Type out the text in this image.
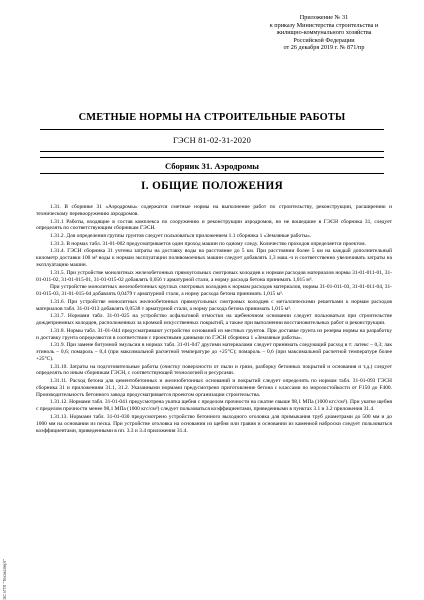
Приложение № 31
к приказу Министерства строительства и
жилищно-коммунального хозяйства
Российской Федерации
от 26 декабря 2019 г. № 871/пр
СМЕТНЫЕ НОРМЫ НА СТРОИТЕЛЬНЫЕ РАБОТЫ
ГЭСН 81-02-31-2020
Сборник 31. Аэродромы
I. ОБЩИЕ ПОЛОЖЕНИЯ

1.31. В сборнике 31 «Аэродромы» содержатся сметные нормы на выполнение работ по строительству, реконструкции, расширению и техническому перевооружению аэродромов.

1.31.1 Работы, входящие в состав комплекса по сооружению и реконструкции аэродромов, но не вошедшие в ГЭСН сборника 31, следует определять по соответствующим сборникам ГЭСН.

1.31.2. Для определения группы грунтов следует пользоваться приложением 1.1 сборника 1 «Земляные работы».

1.31.3. В нормах табл. 31-01-002 предусматривается один проход машин по одному следу. Количество проходов определяется проектом.

1.31.4. ГЭСН сборника 31 учтены затраты на доставку воды на расстояние до 5 км. При расстоянии более 5 км на каждый дополнительный километр доставки 100 м³ воды к нормам эксплуатации поливомоечных машин следует добавлять 1,3 маш.-ч и соответственно увеличивать затраты на эксплуатацию машин.

1.31.5. При устройстве монолитных железобетонных прямоугольных смотровых колодцев к нормам расходов материалов нормы 31-01-011-01, 31-01-011-02, 31-01-015-01, 31-01-015-02 добавлять 0,056 т арматурной стали, а норму расхода бетона принимать 1,015 м³.

При устройстве монолитных железобетонных круглых смотровых колодцев к нормам расходов материалов, нормы 31-01-011-03, 31-01-011-04, 31-01-015-03, 31-01-015-04 добавлять 0,0479 т арматурной стали, а норму расхода бетона принимать 1,015 м³.

1.31.6. При устройстве монолитных железобетонных прямоугольных смотровых колодцев с металлическими решетками к нормам расходов материалов табл. 31-01-013 добавлять 0,0538 т арматурной стали, а норму расхода бетона принимать 1,015 м³.

1.31.7. Нормами табл. 31-01-025 на устройство асфальтовой отмостки на щебеночном основании следует пользоваться при строительстве дождеприемных колодцев, расположенных за кромкой искусственных покрытий, а также при выполнении восстановительных работ и реконструкции.

1.31.8. Нормы табл. 31-01-044 предусматривают устройство оснований из местных грунтов. При доставке грунта из резерва нормы на разработку и доставку грунта определяются в соответствии с проектными данными по ГЭСН сборника 1 «Земляные работы».

1.31.9. При замене битумной эмульсии в нормах табл. 31-01-047 другими материалами следует принимать следующий расход в т: латекс – 0,3; лак этиноль – 0,6; помароль – 0,4 (при максимальной расчетной температуре до +25°С); помароль – 0,6 (при максимальной расчетной температуре более +25°С).

1.31.10. Затраты на подготовительные работы (очистку поверхности от пыли и грязи, разборку бетонных покрытий и основания и т.д.) следует определять по иным сборникам ГЭСН, с соответствующей технологией и ресурсами.

1.31.11. Расход бетона для цементобетонных и железобетонных оснований и покрытий следует определять по нормам табл. 31-01-093 ГЭСН сборника 31 и приложениям 31.1, 31.2. Указанными нормами предусмотрено приготовление бетона с классами по морозостойкости от F150 до F400. Производительность бетонного завода предусматривается проектом организации строительства.

1.31.12. Нормами табл. 31-01-041 предусмотрена укатка щебня с пределом прочности на сжатие свыше 98,1 МПа (1000 кгс/см²). При укатке щебня с пределом прочности менее 98,1 МПа (1000 кгс/см²) следует пользоваться коэффициентами, приведенными в пунктах 3.1 и 3.2 приложения 31.4.

1.31.13. Нормами табл. 31-01-030 предусмотрено устройство бетонного выходного оголовка для примыкания труб диаметрами до 500 мм и до 1000 мм на основании из песка. При устройстве оголовка на основании из щебня или гравия и основании из каменной наброски следует пользоваться коэффициентами, приведенными в пп. 3.3 и 3.4 приложения 31.4.

ЭС ИТЛ "Техэксперт"
